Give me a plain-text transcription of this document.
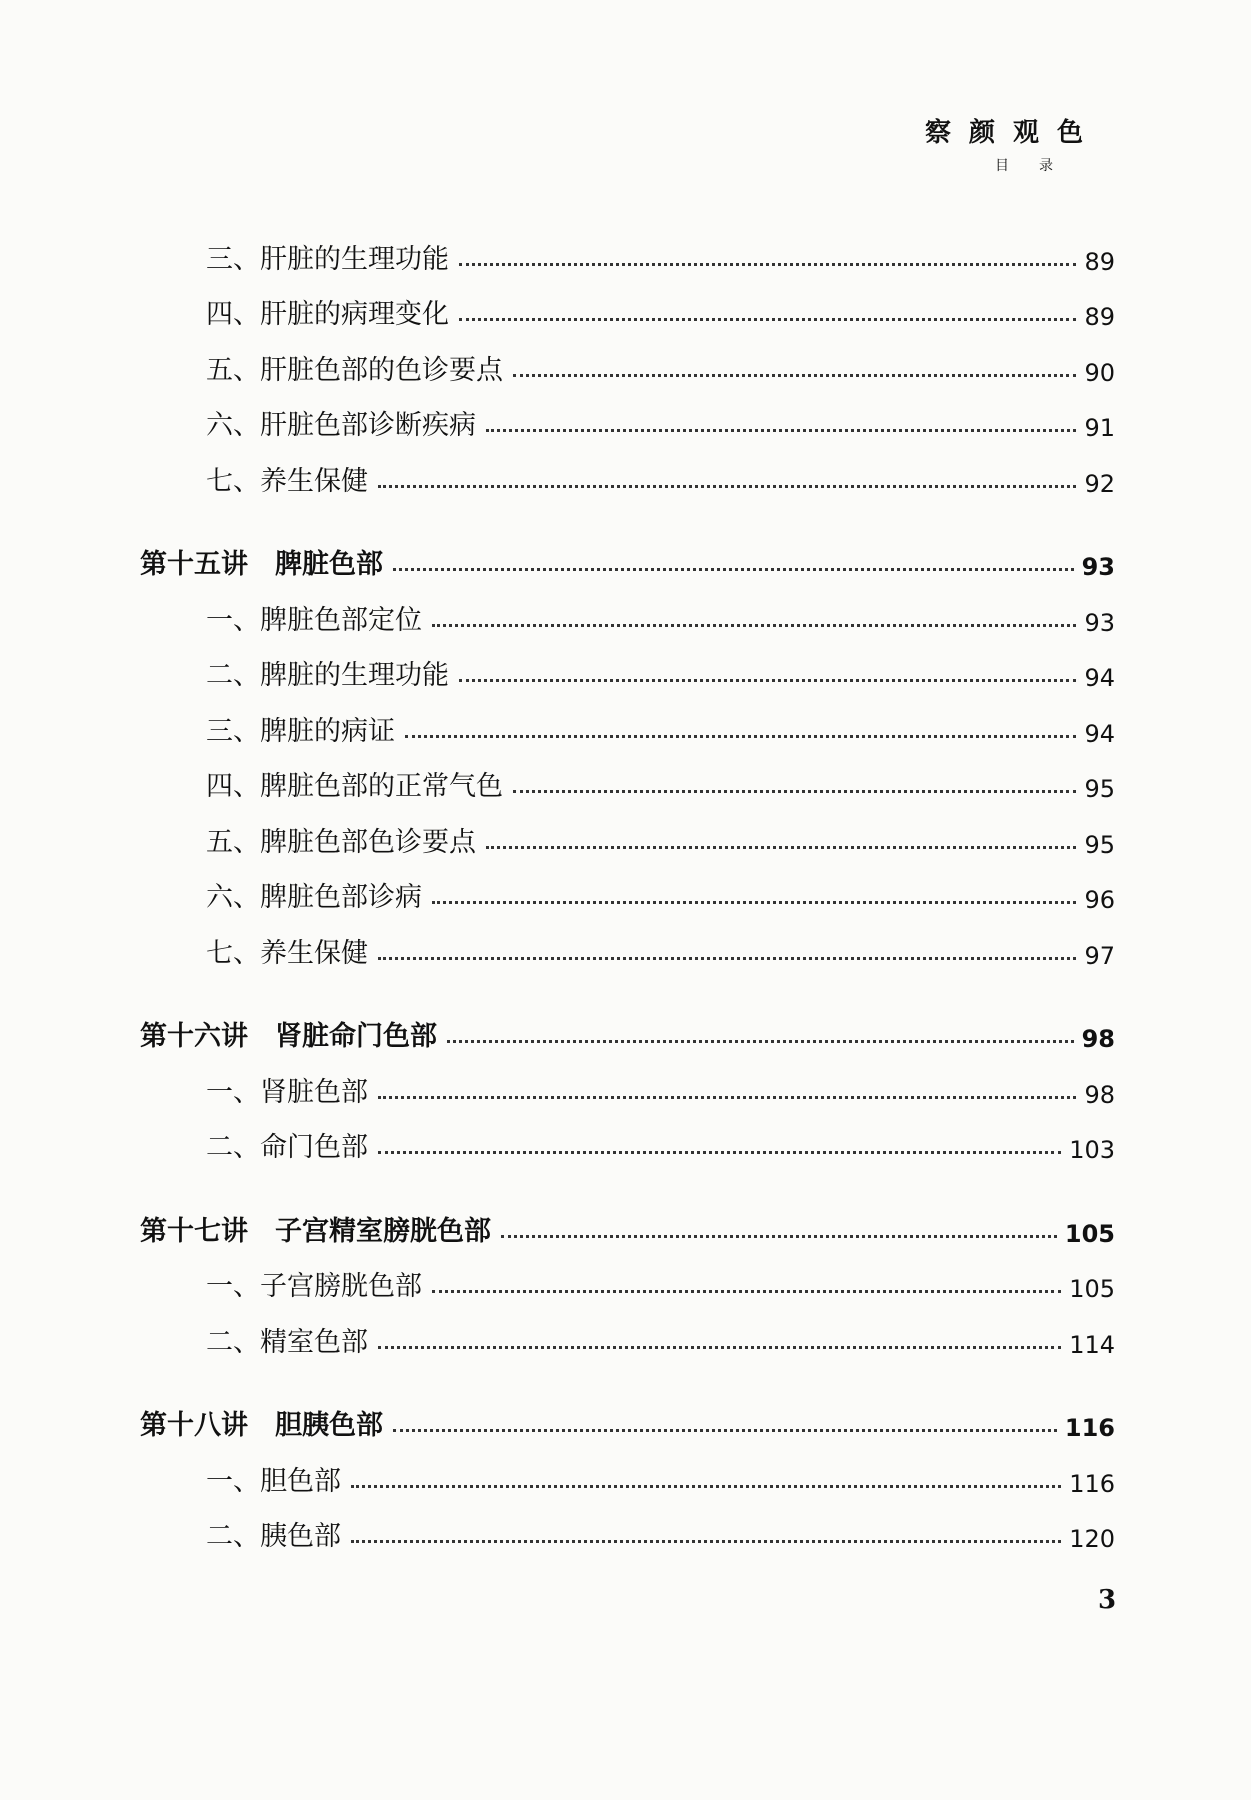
察颜观色
目录
三、肝脏的生理功能	89
四、肝脏的病理变化	89
五、肝脏色部的色诊要点	90
六、肝脏色部诊断疾病	91
七、养生保健	92
第十五讲　脾脏色部	93
一、脾脏色部定位	93
二、脾脏的生理功能	94
三、脾脏的病证	94
四、脾脏色部的正常气色	95
五、脾脏色部色诊要点	95
六、脾脏色部诊病	96
七、养生保健	97
第十六讲　肾脏命门色部	98
一、肾脏色部	98
二、命门色部	103
第十七讲　子宫精室膀胱色部	105
一、子宫膀胱色部	105
二、精室色部	114
第十八讲　胆胰色部	116
一、胆色部	116
二、胰色部	120
3
